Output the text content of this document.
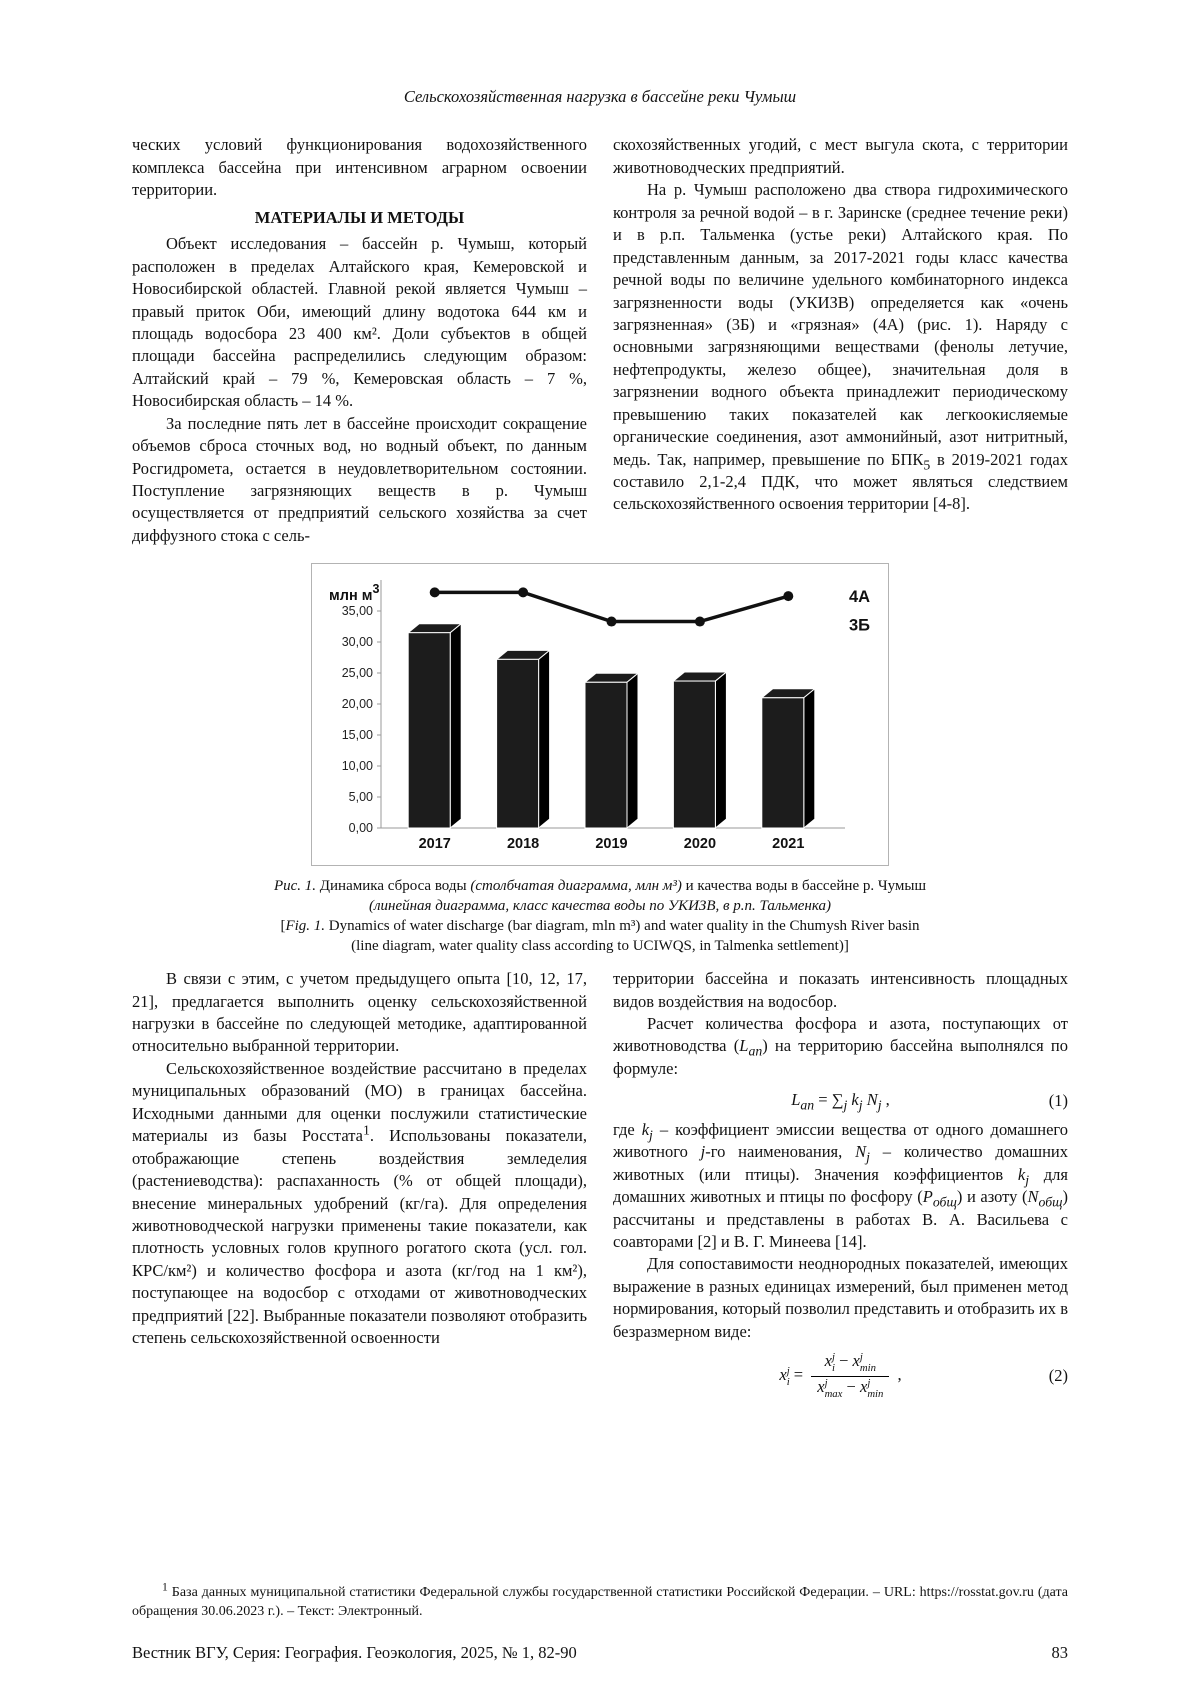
Сельскохозяйственная нагрузка в бассейне реки Чумыш

ческих условий функционирования водохозяйственного комплекса бассейна при интенсивном аграрном освоении территории.

МАТЕРИАЛЫ И МЕТОДЫ

Объект исследования – бассейн р. Чумыш, который расположен в пределах Алтайского края, Кемеровской и Новосибирской областей. Главной рекой является Чумыш – правый приток Оби, имеющий длину водотока 644 км и площадь водосбора 23 400 км². Доли субъектов в общей площади бассейна распределились следующим образом: Алтайский край – 79 %, Кемеровская область – 7 %, Новосибирская область – 14 %.

За последние пять лет в бассейне происходит сокращение объемов сброса сточных вод, но водный объект, по данным Росгидромета, остается в неудовлетворительном состоянии. Поступление загрязняющих веществ в р. Чумыш осуществляется от предприятий сельского хозяйства за счет диффузного стока с сель-

скохозяйственных угодий, с мест выгула скота, с территории животноводческих предприятий.

На р. Чумыш расположено два створа гидрохимического контроля за речной водой – в г. Заринске (среднее течение реки) и в р.п. Тальменка (устье реки) Алтайского края. По представленным данным, за 2017-2021 годы класс качества речной воды по величине удельного комбинаторного индекса загрязненности воды (УКИЗВ) определяется как «очень загрязненная» (3Б) и «грязная» (4А) (рис. 1). Наряду с основными загрязняющими веществами (фенолы летучие, нефтепродукты, железо общее), значительная доля в загрязнении водного объекта принадлежит периодическому превышению таких показателей как легкоокисляемые органические соединения, азот аммонийный, азот нитритный, медь. Так, например, превышение по $БПК_5$ в 2019-2021 годах составило 2,1-2,4 ПДК, что может являться следствием сельскохозяйственного освоения территории [4-8].

0,00
5,00
10,00
15,00
20,00
25,00
30,00
35,00
2017	2018	2019	2020	2021
4А
3Б
млн м3
Рис. 1. Динамика сброса воды (столбчатая диаграмма, млн м³) и качества воды в бассейне р. Чумыш
(линейная диаграмма, класс качества воды по УКИЗВ, в р.п. Тальменка)
[Fig. 1. Dynamics of water discharge (bar diagram, mln m³) and water quality in the Chumysh River basin
(line diagram, water quality class according to UCIWQS, in Talmenka settlement)]

В связи с этим, с учетом предыдущего опыта [10, 12, 17, 21], предлагается выполнить оценку сельскохозяйственной нагрузки в бассейне по следующей методике, адаптированной относительно выбранной территории.

Сельскохозяйственное воздействие рассчитано в пределах муниципальных образований (МО) в границах бассейна. Исходными данными для оценки послужили статистические материалы из базы Росстата$^1$. Использованы показатели, отображающие степень воздействия земледелия (растениеводства): распаханность (% от общей площади), внесение минеральных удобрений (кг/га). Для определения животноводческой нагрузки применены такие показатели, как плотность условных голов крупного рогатого скота (усл. гол. КРС/км²) и количество фосфора и азота (кг/год на 1 км²), поступающее на водосбор с отходами от животноводческих предприятий [22]. Выбранные показатели позволяют отобразить степень сельскохозяйственной освоенности

территории бассейна и показать интенсивность площадных видов воздействия на водосбор.

Расчет количества фосфора и азота, поступающих от животноводства $(L_{an})$ на территорию бассейна выполнялся по формуле:

$L_{an} = \sum_j$ $k_j$ $N_j$ ,	(1)

где $k_j$ – коэффициент эмиссии вещества от одного домашнего животного j-го наименования, $N_j$ – количество домашних животных (или птицы). Значения коэффициентов $k_j$ для домашних животных и птицы по фосфору $(P_{общ})$ и азоту $(N_{общ})$ рассчитаны и представлены в работах В. А. Васильева с соавторами [2] и В. Г. Минеева [14].

Для сопоставимости неоднородных показателей, имеющих выражение в разных единицах измерений, был применен метод нормирования, который позволил представить и отобразить их в безразмерном виде:

x j
i = x j
i − x j
min
x j
max − x j
min ,	(2)
$^1$ База данных муниципальной статистики Федеральной службы государственной статистики Российской Федерации. – URL: https://rosstat.gov.ru (дата обращения 30.06.2023 г.). – Текст: Электронный.
Вестник ВГУ, Серия: География. Геоэкология, 2025, № 1, 82-90	83
